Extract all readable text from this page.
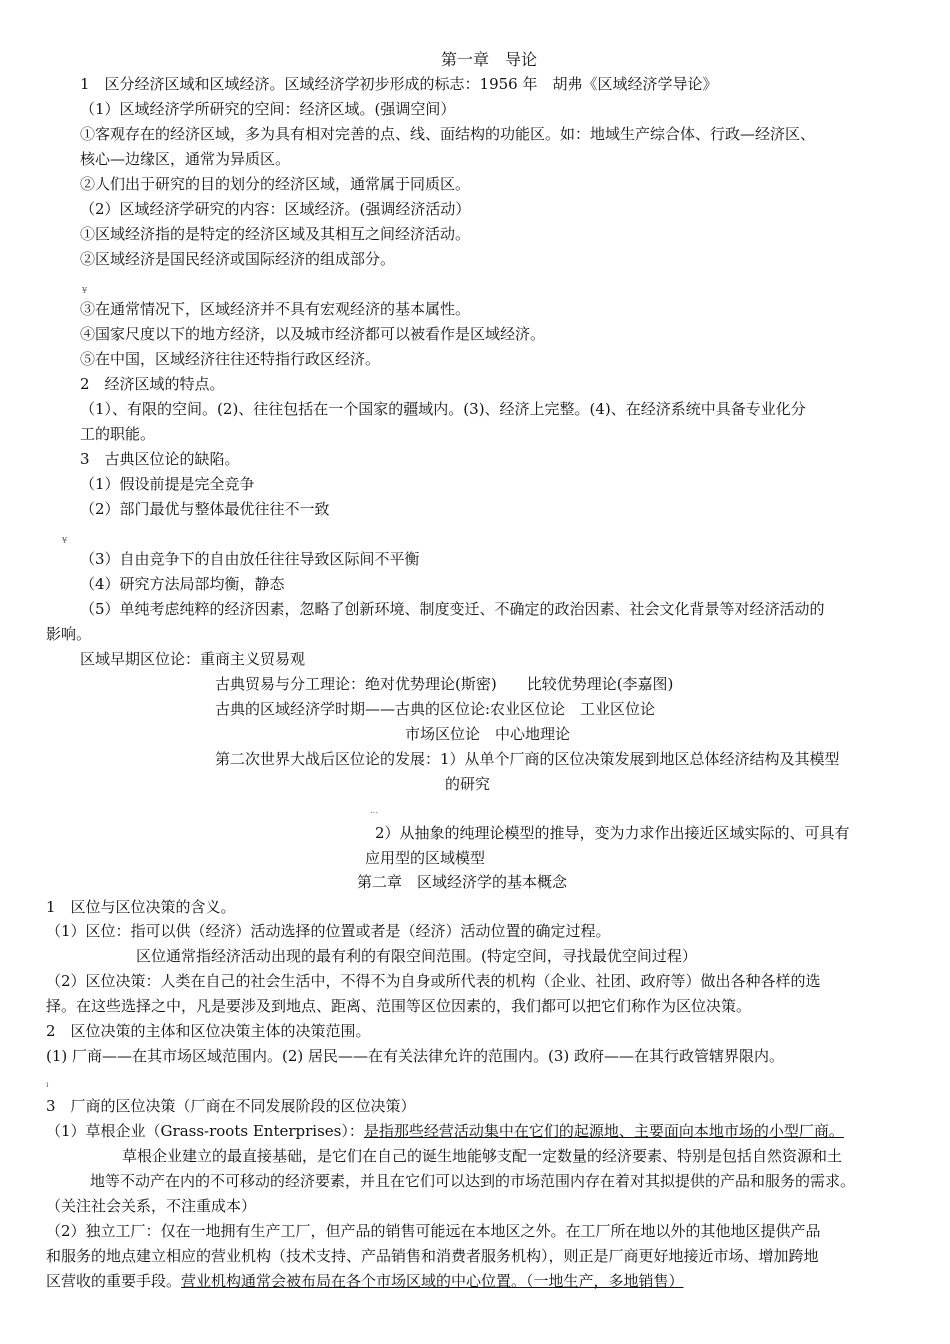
第一章　导论
1　区分经济区域和区域经济。区域经济学初步形成的标志：1956 年　胡弗《区域经济学导论》
（1）区域经济学所研究的空间：经济区域。(强调空间）
①客观存在的经济区域，多为具有相对完善的点、线、面结构的功能区。如：地域生产综合体、行政—经济区、
核心—边缘区，通常为异质区。
②人们出于研究的目的划分的经济区域，通常属于同质区。
（2）区域经济学研究的内容：区域经济。(强调经济活动）
①区域经济指的是特定的经济区域及其相互之间经济活动。
②区域经济是国民经济或国际经济的组成部分。
¥
③在通常情况下，区域经济并不具有宏观经济的基本属性。
④国家尺度以下的地方经济，以及城市经济都可以被看作是区域经济。
⑤在中国，区域经济往往还特指行政区经济。
2　经济区域的特点。
（1）、有限的空间。(2)、往往包括在一个国家的疆域内。(3)、经济上完整。(4)、在经济系统中具备专业化分
工的职能。
3　古典区位论的缺陷。
（1）假设前提是完全竞争
（2）部门最优与整体最优往往不一致
¥
（3）自由竞争下的自由放任往往导致区际间不平衡
（4）研究方法局部均衡，静态
（5）单纯考虑纯粹的经济因素，忽略了创新环境、制度变迁、不确定的政治因素、社会文化背景等对经济活动的
影响。
区域早期区位论：重商主义贸易观
古典贸易与分工理论：绝对优势理论(斯密)　　比较优势理论(李嘉图)
古典的区域经济学时期——古典的区位论:农业区位论　工业区位论
市场区位论　中心地理论
第二次世界大战后区位论的发展：1）从单个厂商的区位决策发展到地区总体经济结构及其模型
的研究
…
2）从抽象的纯理论模型的推导，变为力求作出接近区域实际的、可具有
应用型的区域模型
第二章　区域经济学的基本概念
1　区位与区位决策的含义。
（1）区位：指可以供（经济）活动选择的位置或者是（经济）活动位置的确定过程。
区位通常指经济活动出现的最有利的有限空间范围。(特定空间，寻找最优空间过程）
（2）区位决策：人类在自己的社会生活中，不得不为自身或所代表的机构（企业、社团、政府等）做出各种各样的选
择。在这些选择之中，凡是要涉及到地点、距离、范围等区位因素的，我们都可以把它们称作为区位决策。
2　区位决策的主体和区位决策主体的决策范围。
(1) 厂商——在其市场区域范围内。(2) 居民——在有关法律允许的范围内。(3) 政府——在其行政管辖界限内。
ı
3　厂商的区位决策（厂商在不同发展阶段的区位决策）
（1）草根企业（Grass-roots Enterprises）：是指那些经营活动集中在它们的起源地、主要面向本地市场的小型厂商。
草根企业建立的最直接基础，是它们在自己的诞生地能够支配一定数量的经济要素、特别是包括自然资源和土
地等不动产在内的不可移动的经济要素，并且在它们可以达到的市场范围内存在着对其拟提供的产品和服务的需求。
（关注社会关系，不注重成本）
（2）独立工厂：仅在一地拥有生产工厂，但产品的销售可能远在本地区之外。在工厂所在地以外的其他地区提供产品
和服务的地点建立相应的营业机构（技术支持、产品销售和消费者服务机构），则正是厂商更好地接近市场、增加跨地
区营收的重要手段。营业机构通常会被布局在各个市场区域的中心位置。（一地生产，多地销售）
